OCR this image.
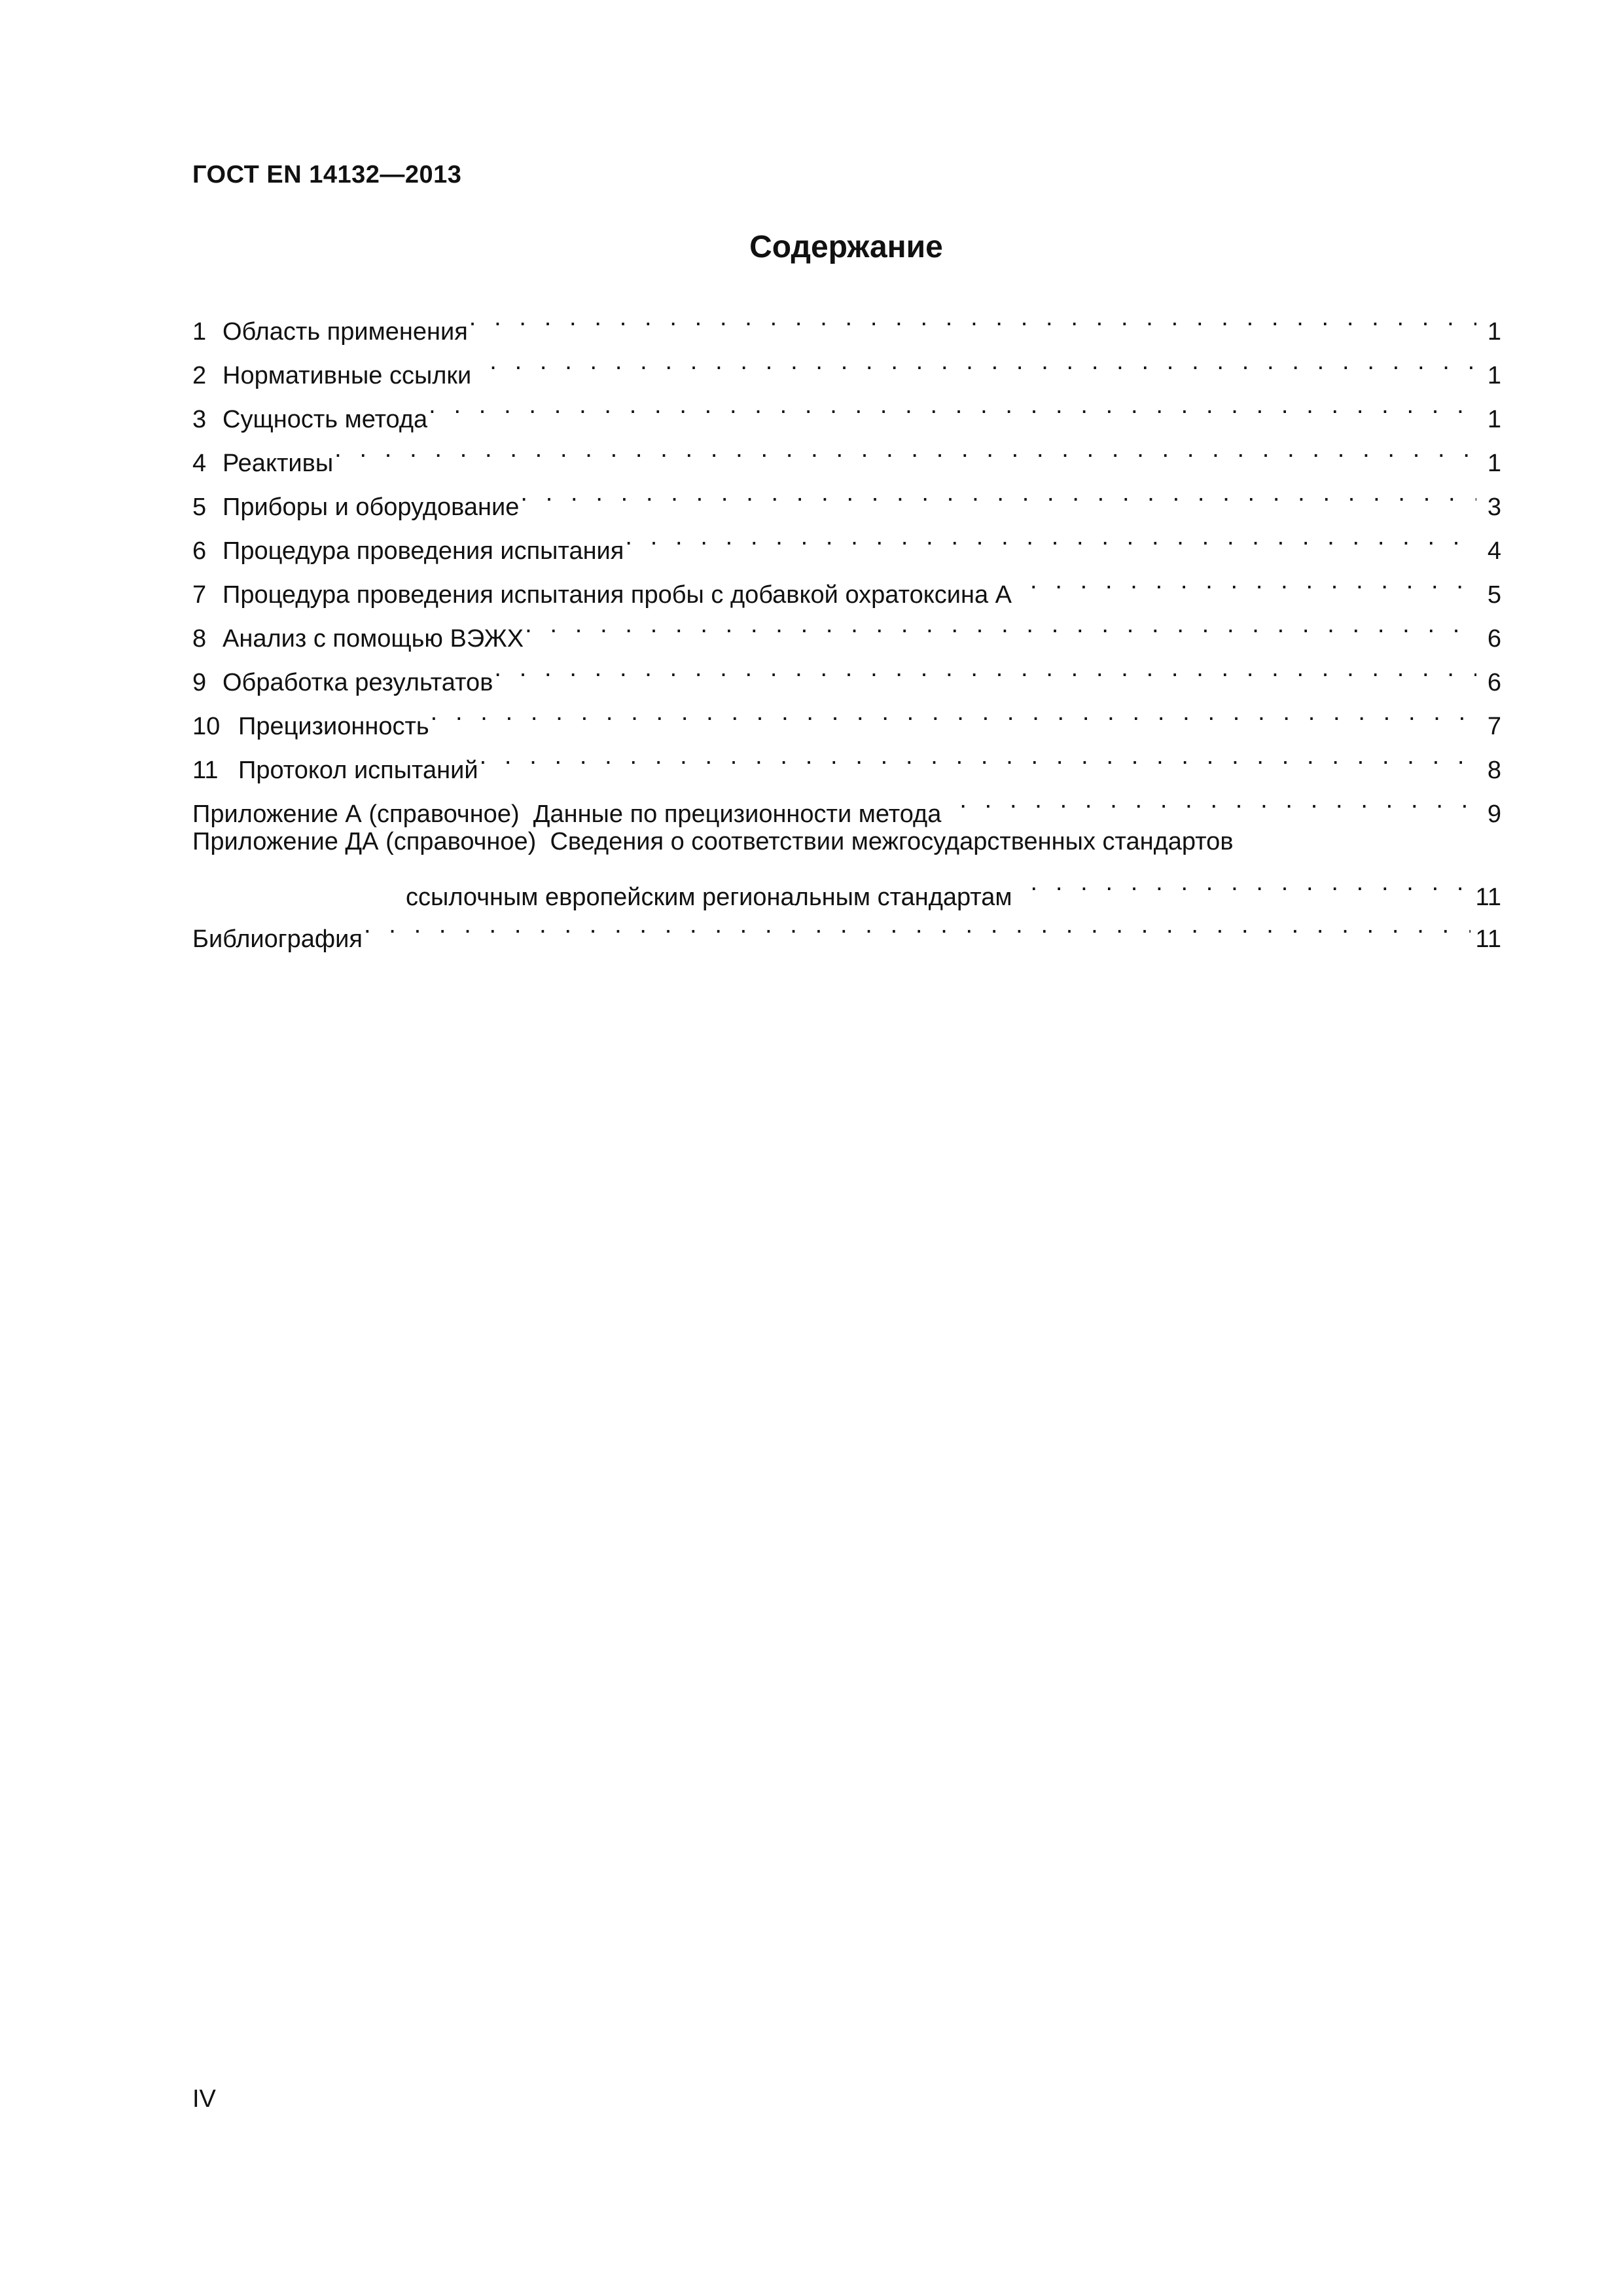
ГОСТ EN 14132—2013
Содержание
1 Область применения . . .	1
2 Нормативные ссылки . . .	1
3 Сущность метода . . .	1
4 Реактивы . . .	1
5 Приборы и оборудование . . .	3
6 Процедура проведения испытания . . .	4
7 Процедура проведения испытания пробы с добавкой охратоксина А . . .	5
8 Анализ с помощью ВЭЖХ . . .	6
9 Обработка результатов . . .	6
10 Прецизионность . . .	7
11 Протокол испытаний . . .	8
Приложение А (справочное)  Данные по прецизионности метода . . .	9
Приложение ДА (справочное)  Сведения о соответствии межгосударственных стандартов
ссылочным европейским региональным стандартам . . .	11
Библиография . . .	11
IV
